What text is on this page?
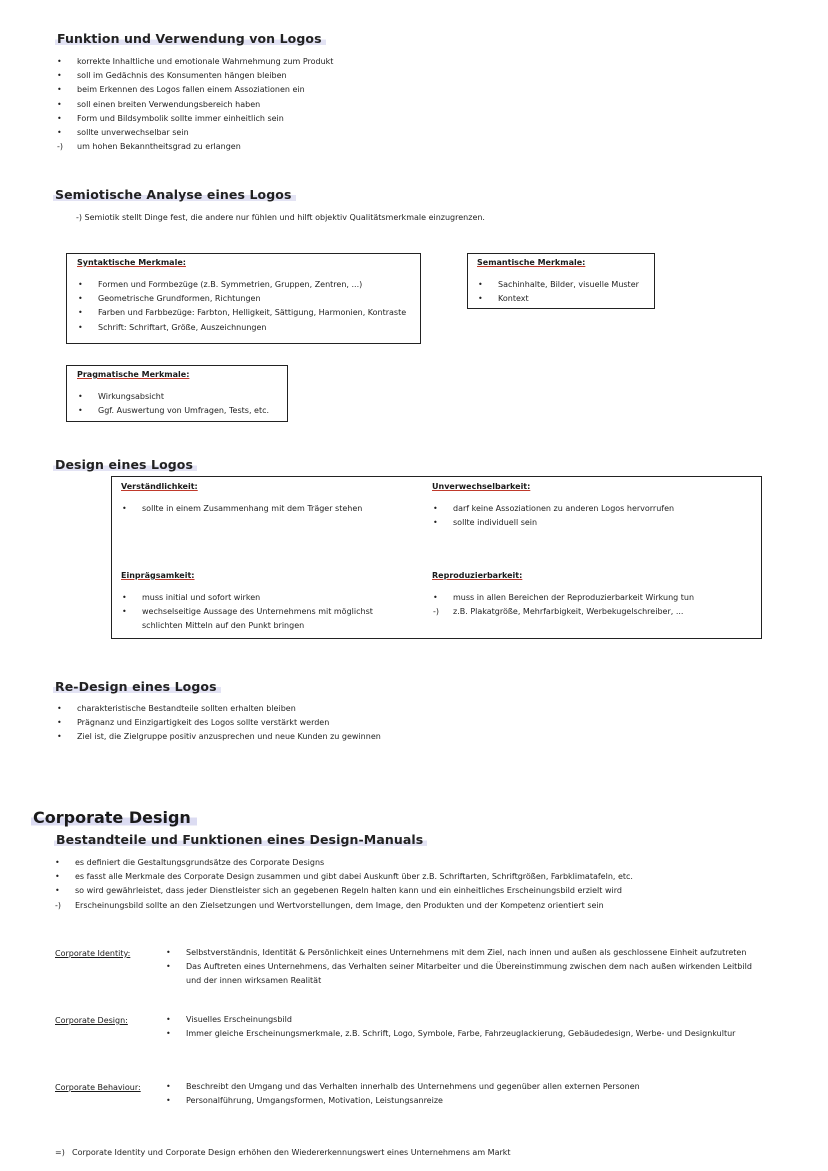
Funktion und Verwendung von Logos
•	korrekte Inhaltliche und emotionale Wahrnehmung zum Produkt
•	soll im Gedächnis des Konsumenten hängen bleiben
•	beim Erkennen des Logos fallen einem Assoziationen ein
•	soll einen breiten Verwendungsbereich haben
•	Form und Bildsymbolik sollte immer einheitlich sein
•	sollte unverwechselbar sein
-)	um hohen Bekanntheitsgrad zu erlangen
Semiotische Analyse eines Logos
-) Semiotik stellt Dinge fest, die andere nur fühlen und hilft objektiv Qualitätsmerkmale einzugrenzen.
Syntaktische Merkmale:
•	Formen und Formbezüge (z.B. Symmetrien, Gruppen, Zentren, ...)
•	Geometrische Grundformen, Richtungen
•	Farben und Farbbezüge: Farbton, Helligkeit, Sättigung, Harmonien, Kontraste
•	Schrift: Schriftart, Größe, Auszeichnungen
Semantische Merkmale:
•	Sachinhalte, Bilder, visuelle Muster
•	Kontext
Pragmatische Merkmale:
•	Wirkungsabsicht
•	Ggf. Auswertung von Umfragen, Tests, etc.
Design eines Logos
Verständlichkeit:
•	sollte in einem Zusammenhang mit dem Träger stehen
Unverwechselbarkeit:
•	darf keine Assoziationen zu anderen Logos hervorrufen
•	sollte individuell sein
Einprägsamkeit:
•	muss initial und sofort wirken
•	wechselseitige Aussage des Unternehmens mit möglichst
schlichten Mitteln auf den Punkt bringen
Reproduzierbarkeit:
•	muss in allen Bereichen der Reproduzierbarkeit Wirkung tun
-)	z.B. Plakatgröße, Mehrfarbigkeit, Werbekugelschreiber, ...
Re-Design eines Logos
•	charakteristische Bestandteile sollten erhalten bleiben
•	Prägnanz und Einzigartigkeit des Logos sollte verstärkt werden
•	Ziel ist, die Zielgruppe positiv anzusprechen und neue Kunden zu gewinnen
Corporate Design
Bestandteile und Funktionen eines Design-Manuals
•	es definiert die Gestaltungsgrundsätze des Corporate Designs
•	es fasst alle Merkmale des Corporate Design zusammen und gibt dabei Auskunft über z.B. Schriftarten, Schriftgrößen, Farbklimatafeln, etc.
•	so wird gewährleistet, dass jeder Dienstleister sich an gegebenen Regeln halten kann und ein einheitliches Erscheinungsbild erzielt wird
-)	Erscheinungsbild sollte an den Zielsetzungen und Wertvorstellungen, dem Image, den Produkten und der Kompetenz orientiert sein
Corporate Identity:	•	Selbstverständnis, Identität & Persönlichkeit eines Unternehmens mit dem Ziel, nach innen und außen als geschlossene Einheit aufzutreten
•	Das Auftreten eines Unternehmens, das Verhalten seiner Mitarbeiter und die Übereinstimmung zwischen dem nach außen wirkenden Leitbild
und der innen wirksamen Realität
Corporate Design:	•	Visuelles Erscheinungsbild
•	Immer gleiche Erscheinungsmerkmale, z.B. Schrift, Logo, Symbole, Farbe, Fahrzeuglackierung, Gebäudedesign, Werbe- und Designkultur
Corporate Behaviour:	•	Beschreibt den Umgang und das Verhalten innerhalb des Unternehmens und gegenüber allen externen Personen
•	Personalführung, Umgangsformen, Motivation, Leistungsanreize
=) Corporate Identity und Corporate Design erhöhen den Wiedererkennungswert eines Unternehmens am Markt
